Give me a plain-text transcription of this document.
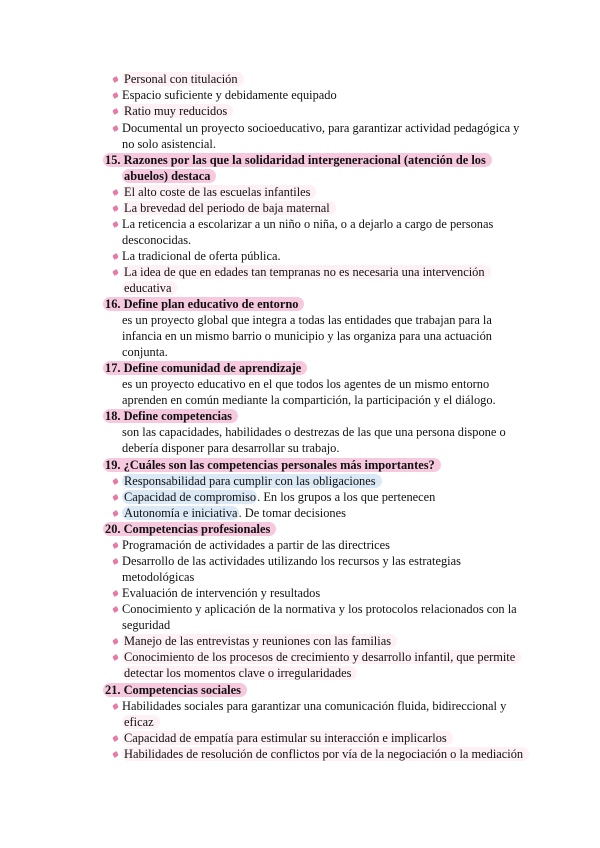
Personal con titulación
Espacio suficiente y debidamente equipado
Ratio muy reducidos
Documental un proyecto socioeducativo, para garantizar actividad pedagógica y
no solo asistencial.
15. Razones por las que la solidaridad intergeneracional (atención de los
abuelos) destaca
El alto coste de las escuelas infantiles
La brevedad del periodo de baja maternal
La reticencia a escolarizar a un niño o niña, o a dejarlo a cargo de personas
desconocidas.
La tradicional de oferta pública.
La idea de que en edades tan tempranas no es necesaria una intervención
educativa
16. Define plan educativo de entorno
es un proyecto global que integra a todas las entidades que trabajan para la
infancia en un mismo barrio o municipio y las organiza para una actuación
conjunta.
17. Define comunidad de aprendizaje
es un proyecto educativo en el que todos los agentes de un mismo entorno
aprenden en común mediante la compartición, la participación y el diálogo.
18. Define competencias
son las capacidades, habilidades o destrezas de las que una persona dispone o
debería disponer para desarrollar su trabajo.
19. ¿Cuáles son las competencias personales más importantes?
Responsabilidad para cumplir con las obligaciones
Capacidad de compromiso. En los grupos a los que pertenecen
Autonomía e iniciativa. De tomar decisiones
20. Competencias profesionales
Programación de actividades a partir de las directrices
Desarrollo de las actividades utilizando los recursos y las estrategias
metodológicas
Evaluación de intervención y resultados
Conocimiento y aplicación de la normativa y los protocolos relacionados con la
seguridad
Manejo de las entrevistas y reuniones con las familias
Conocimiento de los procesos de crecimiento y desarrollo infantil, que permite
detectar los momentos clave o irregularidades
21. Competencias sociales
Habilidades sociales para garantizar una comunicación fluida, bidireccional y
eficaz
Capacidad de empatía para estimular su interacción e implicarlos
Habilidades de resolución de conflictos por vía de la negociación o la mediación
